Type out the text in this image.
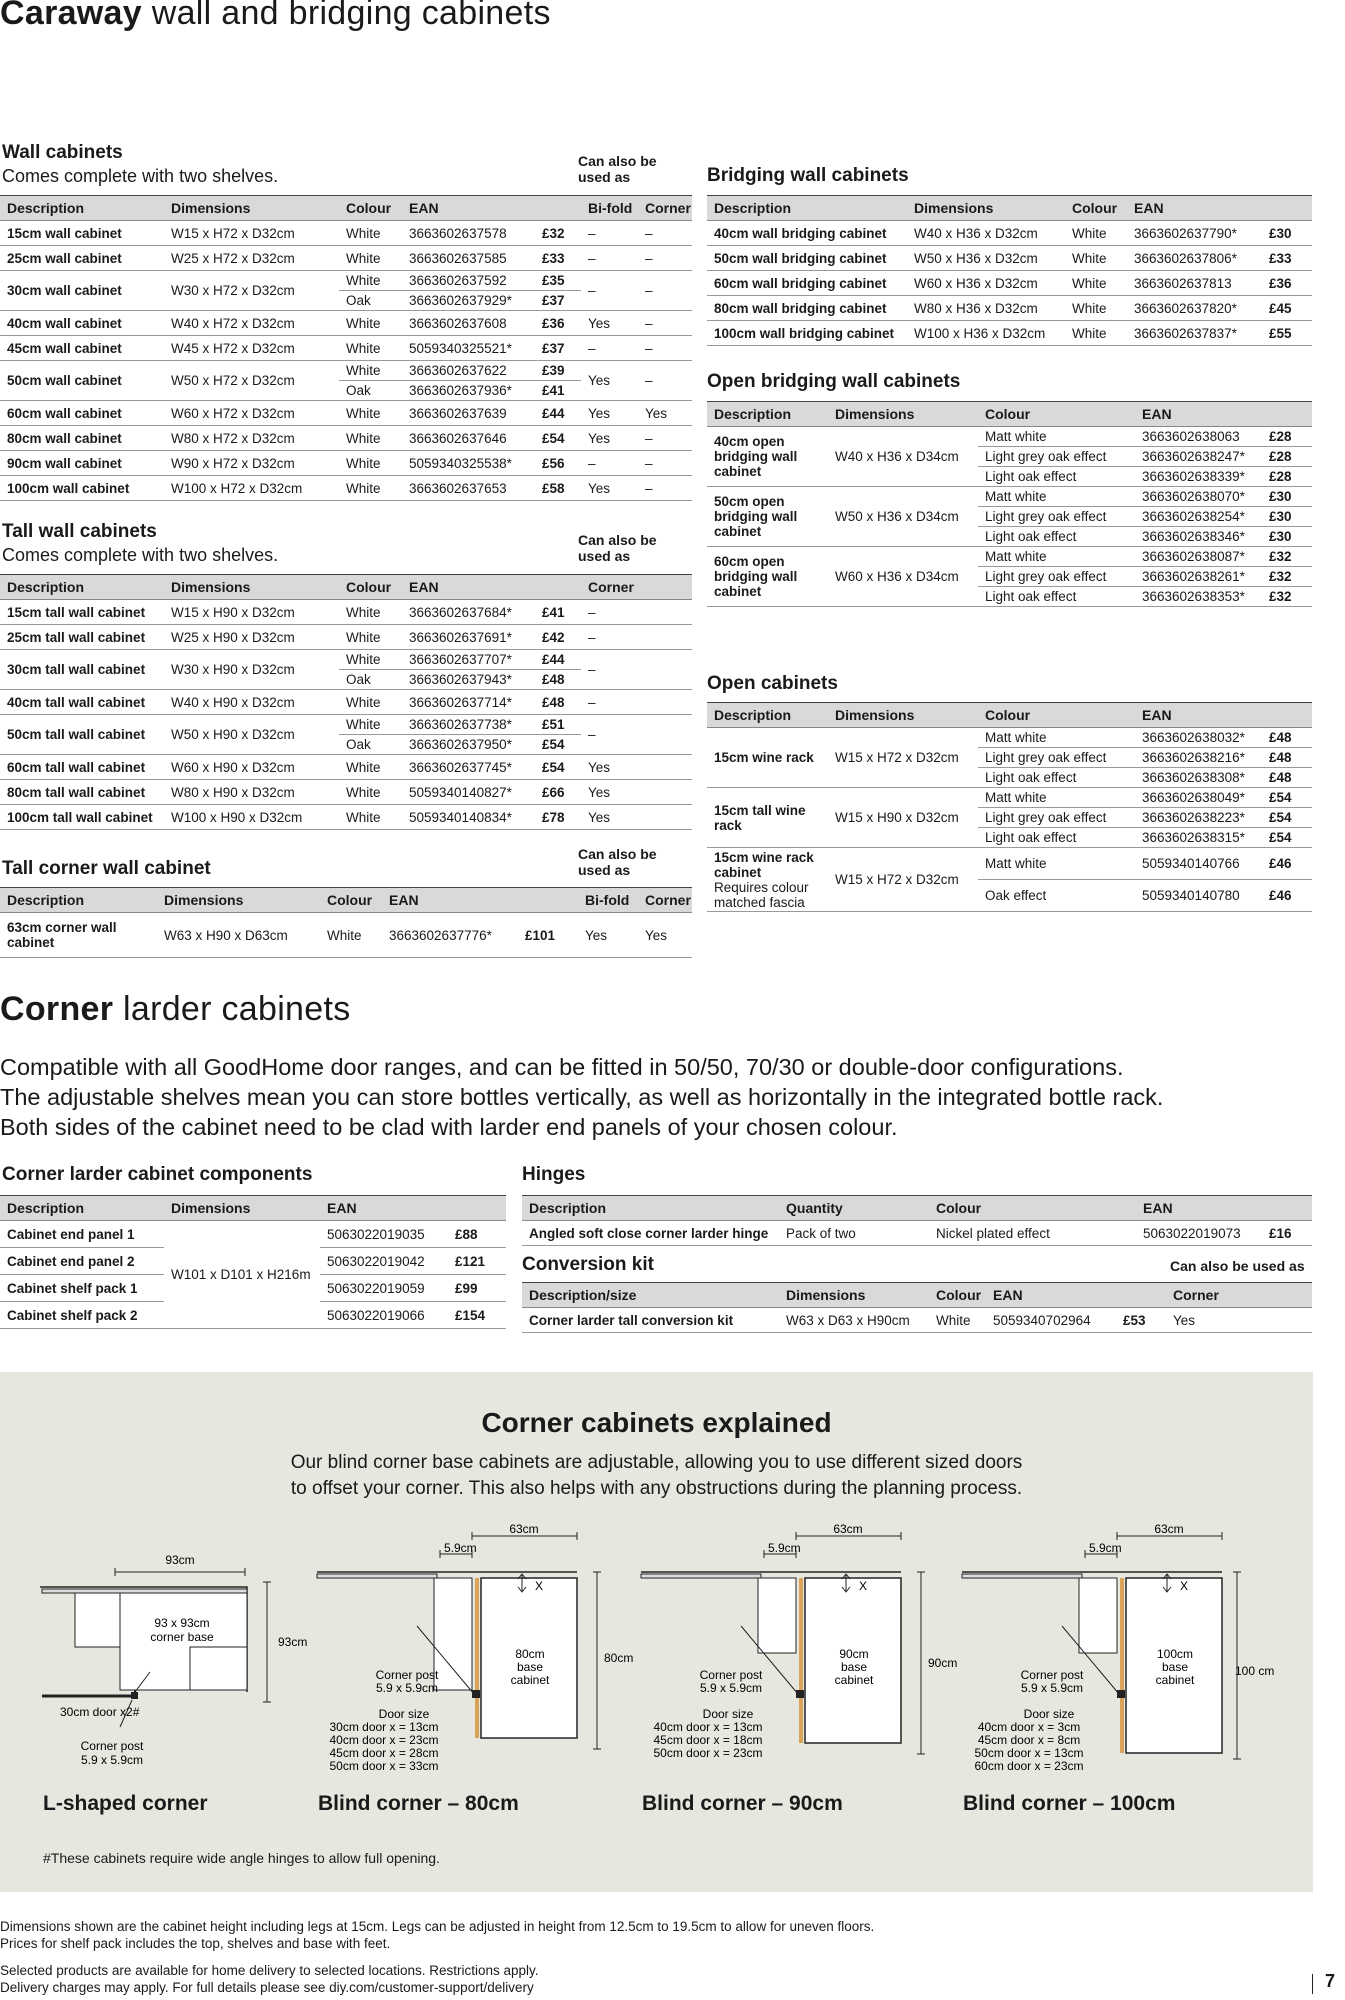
Caraway wall and bridging cabinets
Wall cabinets
Comes complete with two shelves.
Can also be used as
Description	Dimensions	Colour	EAN		Bi-fold	Corner
15cm wall cabinet	W15 x H72 x D32cm	White	3663602637578	£32	–	–
25cm wall cabinet	W25 x H72 x D32cm	White	3663602637585	£33	–	–
30cm wall cabinet	W30 x H72 x D32cm	White	3663602637592	£35	–	–
		Oak	3663602637929*	£37		
40cm wall cabinet	W40 x H72 x D32cm	White	3663602637608	£36	Yes	–
45cm wall cabinet	W45 x H72 x D32cm	White	5059340325521*	£37	–	–
50cm wall cabinet	W50 x H72 x D32cm	White	3663602637622	£39	Yes	–
		Oak	3663602637936*	£41		
60cm wall cabinet	W60 x H72 x D32cm	White	3663602637639	£44	Yes	Yes
80cm wall cabinet	W80 x H72 x D32cm	White	3663602637646	£54	Yes	–
90cm wall cabinet	W90 x H72 x D32cm	White	5059340325538*	£56	–	–
100cm wall cabinet	W100 x H72 x D32cm	White	3663602637653	£58	Yes	–
Tall wall cabinets
Comes complete with two shelves.
Can also be used as
Description	Dimensions	Colour	EAN		Corner
15cm tall wall cabinet	W15 x H90 x D32cm	White	3663602637684*	£41	–
25cm tall wall cabinet	W25 x H90 x D32cm	White	3663602637691*	£42	–
30cm tall wall cabinet	W30 x H90 x D32cm	White	3663602637707*	£44	–
		Oak	3663602637943*	£48	
40cm tall wall cabinet	W40 x H90 x D32cm	White	3663602637714*	£48	–
50cm tall wall cabinet	W50 x H90 x D32cm	White	3663602637738*	£51	–
		Oak	3663602637950*	£54	
60cm tall wall cabinet	W60 x H90 x D32cm	White	3663602637745*	£54	Yes
80cm tall wall cabinet	W80 x H90 x D32cm	White	5059340140827*	£66	Yes
100cm tall wall cabinet	W100 x H90 x D32cm	White	5059340140834*	£78	Yes
Tall corner wall cabinet
Can also be used as
Description	Dimensions	Colour	EAN		Bi-fold	Corner
63cm corner wall cabinet	W63 x H90 x D63cm	White	3663602637776*	£101	Yes	Yes
Bridging wall cabinets
Description	Dimensions	Colour	EAN	
40cm wall bridging cabinet	W40 x H36 x D32cm	White	3663602637790*	£30
50cm wall bridging cabinet	W50 x H36 x D32cm	White	3663602637806*	£33
60cm wall bridging cabinet	W60 x H36 x D32cm	White	3663602637813	£36
80cm wall bridging cabinet	W80 x H36 x D32cm	White	3663602637820*	£45
100cm wall bridging cabinet	W100 x H36 x D32cm	White	3663602637837*	£55
Open bridging wall cabinets
Description	Dimensions	Colour	EAN	
40cm open bridging wall cabinet	W40 x H36 x D34cm	Matt white	3663602638063	£28
		Light grey oak effect	3663602638247*	£28
		Light oak effect	3663602638339*	£28
50cm open bridging wall cabinet	W50 x H36 x D34cm	Matt white	3663602638070*	£30
		Light grey oak effect	3663602638254*	£30
		Light oak effect	3663602638346*	£30
60cm open bridging wall cabinet	W60 x H36 x D34cm	Matt white	3663602638087*	£32
		Light grey oak effect	3663602638261*	£32
		Light oak effect	3663602638353*	£32
Open cabinets
Description	Dimensions	Colour	EAN	
15cm wine rack	W15 x H72 x D32cm	Matt white	3663602638032*	£48
		Light grey oak effect	3663602638216*	£48
		Light oak effect	3663602638308*	£48
15cm tall wine rack	W15 x H90 x D32cm	Matt white	3663602638049*	£54
		Light grey oak effect	3663602638223*	£54
		Light oak effect	3663602638315*	£54

15cm wine rack cabinet
Requires colour matched fascia	W15 x H72 x D32cm	Matt white	5059340140766	£46
		Oak effect	5059340140780	£46
Corner larder cabinets
Compatible with all GoodHome door ranges, and can be fitted in 50/50, 70/30 or double-door configurations.
The adjustable shelves mean you can store bottles vertically, as well as horizontally in the integrated bottle rack.
Both sides of the cabinet need to be clad with larder end panels of your chosen colour.
Corner larder cabinet components
Description	Dimensions	EAN	
Cabinet end panel 1	W101 x D101 x H216m	5063022019035	£88
Cabinet end panel 2		5063022019042	£121
Cabinet shelf pack 1		5063022019059	£99
Cabinet shelf pack 2		5063022019066	£154
Hinges
Description	Quantity	Colour	EAN	
Angled soft close corner larder hinge	Pack of two	Nickel plated effect	5063022019073	£16
Conversion kit	Can also be used as
Description/size	Dimensions	Colour	EAN		Corner
Corner larder tall conversion kit	W63 x D63 x H90cm	White	5059340702964	£53	Yes
Corner cabinets explained
Our blind corner base cabinets are adjustable, allowing you to use different sized doors
to offset your corner. This also helps with any obstructions during the planning process.
93cm
93cm
93 x 93cm
corner base
30cm door x2#
Corner post
5.9 x 5.9cm
L-shaped corner
63cm
5.9cm
X
80cm
base
cabinet
80cm
Corner post
5.9 x 5.9cm
Door size
30cm door x = 13cm
40cm door x = 23cm
45cm door x = 28cm
50cm door x = 33cm
Blind corner – 80cm
63cm
5.9cm
X
90cm
base
cabinet
90cm
Corner post
5.9 x 5.9cm
Door size
40cm door x = 13cm
45cm door x = 18cm
50cm door x = 23cm
Blind corner – 90cm
63cm
5.9cm
X
100cm
base
cabinet
100 cm
Corner post
5.9 x 5.9cm
Door size
40cm door x = 3cm
45cm door x = 8cm
50cm door x = 13cm
60cm door x = 23cm
Blind corner – 100cm
#These cabinets require wide angle hinges to allow full opening.
Dimensions shown are the cabinet height including legs at 15cm. Legs can be adjusted in height from 12.5cm to 19.5cm to allow for uneven floors.
Prices for shelf pack includes the top, shelves and base with feet.
Selected products are available for home delivery to selected locations. Restrictions apply.
Delivery charges may apply. For full details please see diy.com/customer-support/delivery	7
